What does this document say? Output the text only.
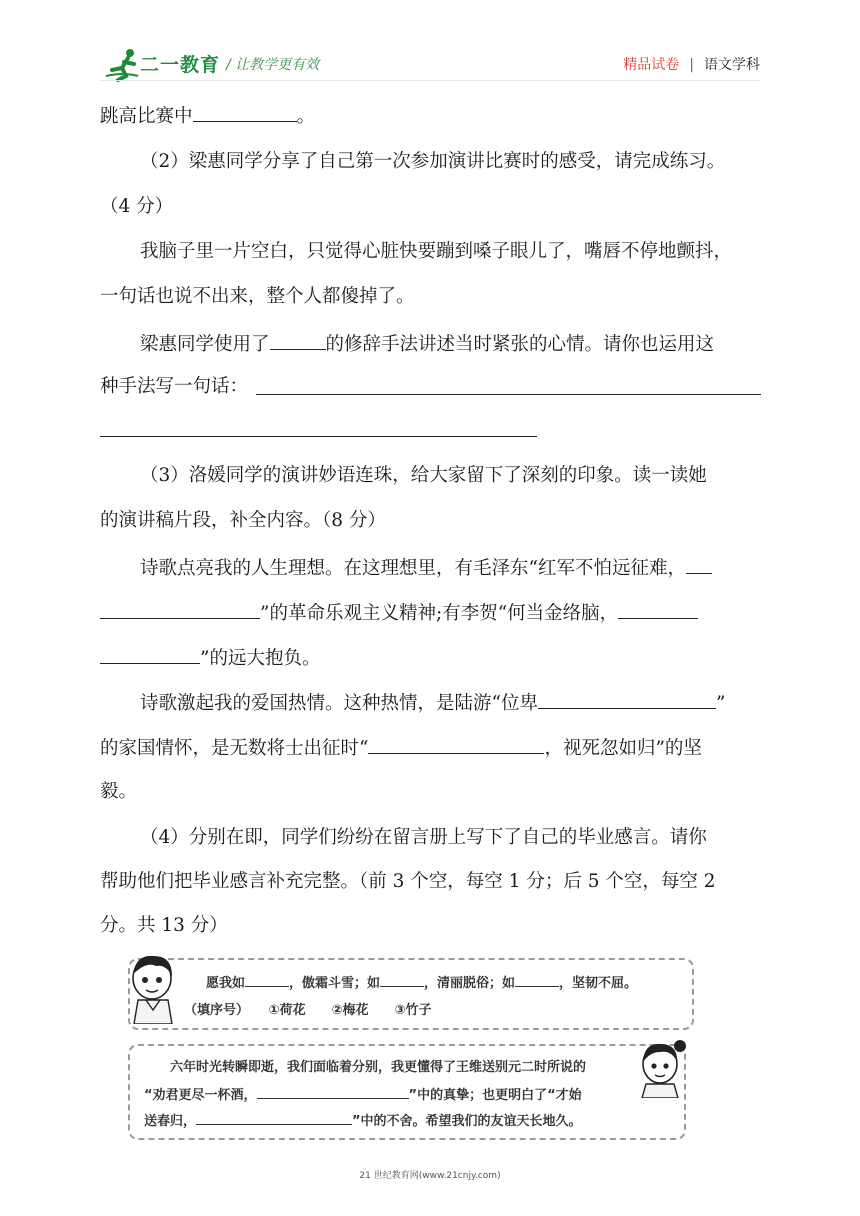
二一教育 / 让教学更有效	精品试卷 | 语文学科
跳高比赛中	。
（2）梁惠同学分享了自己第一次参加演讲比赛时的感受，请完成练习。
（4 分）
我脑子里一片空白，只觉得心脏快要蹦到嗓子眼儿了，嘴唇不停地颤抖，
一句话也说不出来，整个人都傻掉了。
梁惠同学使用了	的修辞手法讲述当时紧张的心情。请你也运用这
种手法写一句话：
（3）洛媛同学的演讲妙语连珠，给大家留下了深刻的印象。读一读她
的演讲稿片段，补全内容。（8 分）
诗歌点亮我的人生理想。在这理想里，有毛泽东“红军不怕远征难，
”的革命乐观主义精神;有李贺“何当金络脑，
”的远大抱负。
诗歌激起我的爱国热情。这种热情，是陆游“位卑	”
的家国情怀，是无数将士出征时“	，视死忽如归”的坚
毅。
（4）分别在即，同学们纷纷在留言册上写下了自己的毕业感言。请你
帮助他们把毕业感言补充完整。（前 3 个空，每空 1 分；后 5 个空，每空 2
分。共 13 分）
愿我如	，傲霜斗雪；如	，清丽脱俗；如	，坚韧不屈。
（填序号）　　①荷花　　②梅花　　③竹子
六年时光转瞬即逝，我们面临着分别，我更懂得了王维送别元二时所说的
“劝君更尽一杯酒，	”中的真挚；也更明白了“才始
送春归，	”中的不舍。希望我们的友谊天长地久。
21 世纪教育网(www.21cnjy.com)
